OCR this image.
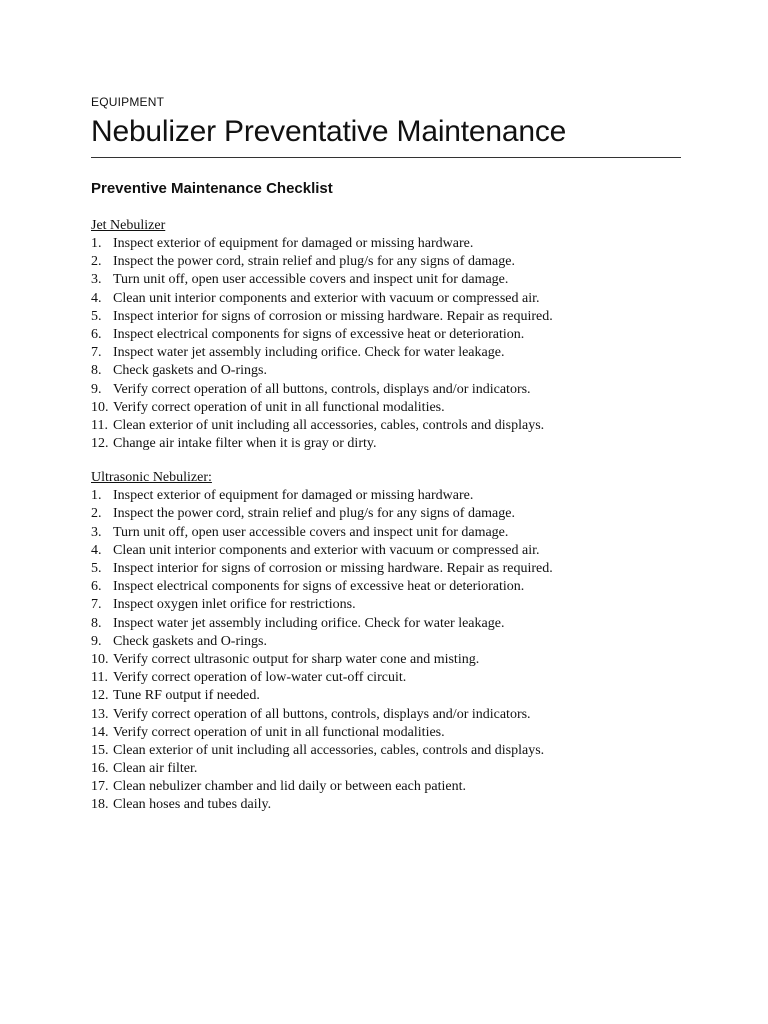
EQUIPMENT

Nebulizer Preventative Maintenance
Preventive Maintenance Checklist

Jet Nebulizer

1. Inspect exterior of equipment for damaged or missing hardware.
2. Inspect the power cord, strain relief and plug/s for any signs of damage.
3. Turn unit off, open user accessible covers and inspect unit for damage.
4. Clean unit interior components and exterior with vacuum or compressed air.
5. Inspect interior for signs of corrosion or missing hardware. Repair as required.
6. Inspect electrical components for signs of excessive heat or deterioration.
7. Inspect water jet assembly including orifice. Check for water leakage.
8. Check gaskets and O-rings.
9. Verify correct operation of all buttons, controls, displays and/or indicators.
10. Verify correct operation of unit in all functional modalities.
11. Clean exterior of unit including all accessories, cables, controls and displays.
12. Change air intake filter when it is gray or dirty.

Ultrasonic Nebulizer:

1. Inspect exterior of equipment for damaged or missing hardware.
2. Inspect the power cord, strain relief and plug/s for any signs of damage.
3. Turn unit off, open user accessible covers and inspect unit for damage.
4. Clean unit interior components and exterior with vacuum or compressed air.
5. Inspect interior for signs of corrosion or missing hardware. Repair as required.
6. Inspect electrical components for signs of excessive heat or deterioration.
7. Inspect oxygen inlet orifice for restrictions.
8. Inspect water jet assembly including orifice. Check for water leakage.
9. Check gaskets and O-rings.
10. Verify correct ultrasonic output for sharp water cone and misting.
11. Verify correct operation of low-water cut-off circuit.
12. Tune RF output if needed.
13. Verify correct operation of all buttons, controls, displays and/or indicators.
14. Verify correct operation of unit in all functional modalities.
15. Clean exterior of unit including all accessories, cables, controls and displays.
16. Clean air filter.
17. Clean nebulizer chamber and lid daily or between each patient.
18. Clean hoses and tubes daily.
